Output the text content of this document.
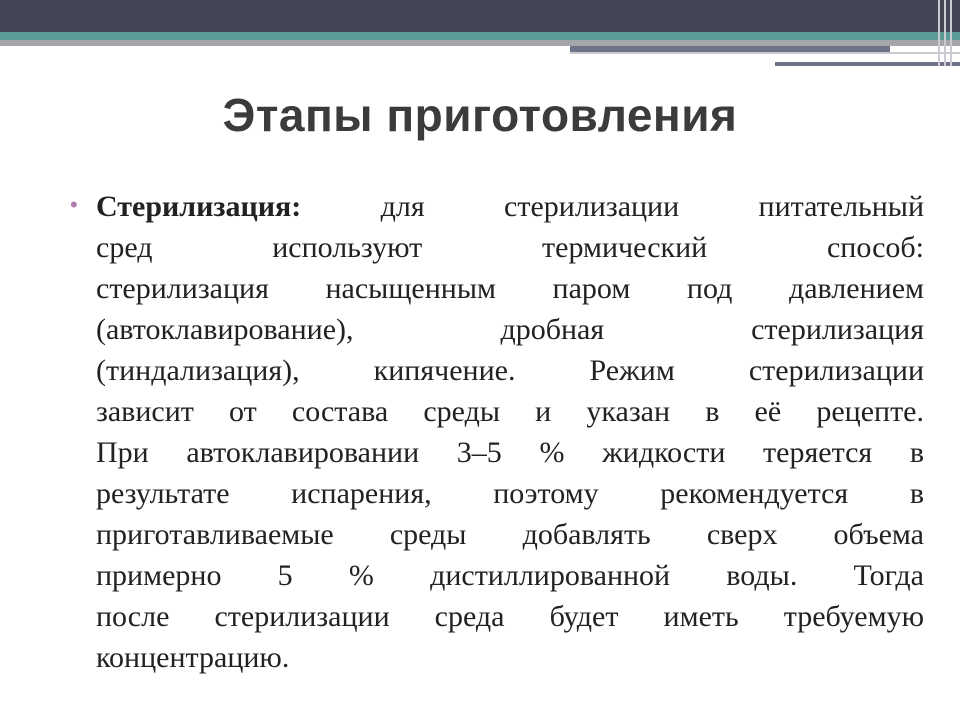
Этапы приготовления
• Стерилизация: для стерилизации питательный
сред используют термический способ:
стерилизация насыщенным паром под давлением
(автоклавирование), дробная стерилизация
(тиндализация), кипячение. Режим стерилизации
зависит от состава среды и указан в её рецепте.
При автоклавировании 3–5 % жидкости теряется в
результате испарения, поэтому рекомендуется в
приготавливаемые среды добавлять сверх объема
примерно 5 % дистиллированной воды. Тогда
после стерилизации среда будет иметь требуемую
концентрацию.
